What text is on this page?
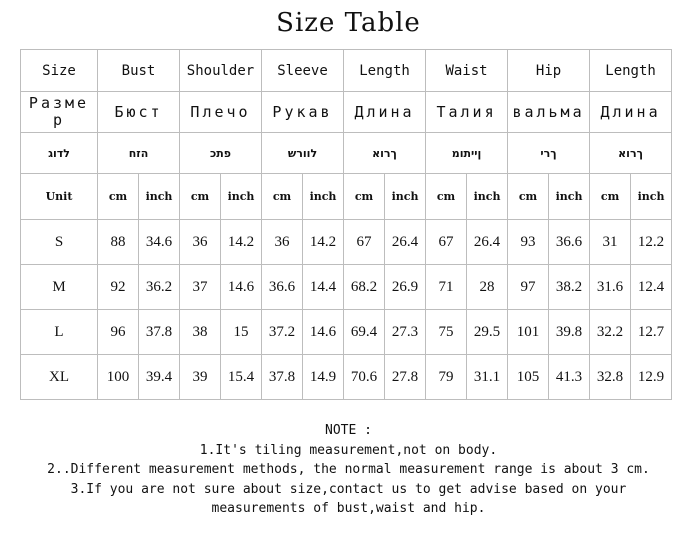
Size Table
Size	Bust		Shoulder		Sleeve		Length		Waist		Hip		Length	
Размер	Бюст		Плечо		Рукав		Длина		Талия		вальма		Длина	
לדוג	הזח		פתכ		לוורש		ךרוא		ןייתומ		ךרי		ךרוא	
Unit	cm	inch	cm	inch	cm	inch	cm	inch	cm	inch	cm	inch	cm	inch
S	88	34.6	36	14.2	36	14.2	67	26.4	67	26.4	93	36.6	31	12.2
M	92	36.2	37	14.6	36.6	14.4	68.2	26.9	71	28	97	38.2	31.6	12.4
L	96	37.8	38	15	37.2	14.6	69.4	27.3	75	29.5	101	39.8	32.2	12.7
XL	100	39.4	39	15.4	37.8	14.9	70.6	27.8	79	31.1	105	41.3	32.8	12.9
NOTE :
1.It's tiling measurement,not on body.
2..Different measurement methods, the normal measurement range is about 3 cm.
3.If you are not sure about size,contact us to get advise based on your
measurements of bust,waist and hip.
